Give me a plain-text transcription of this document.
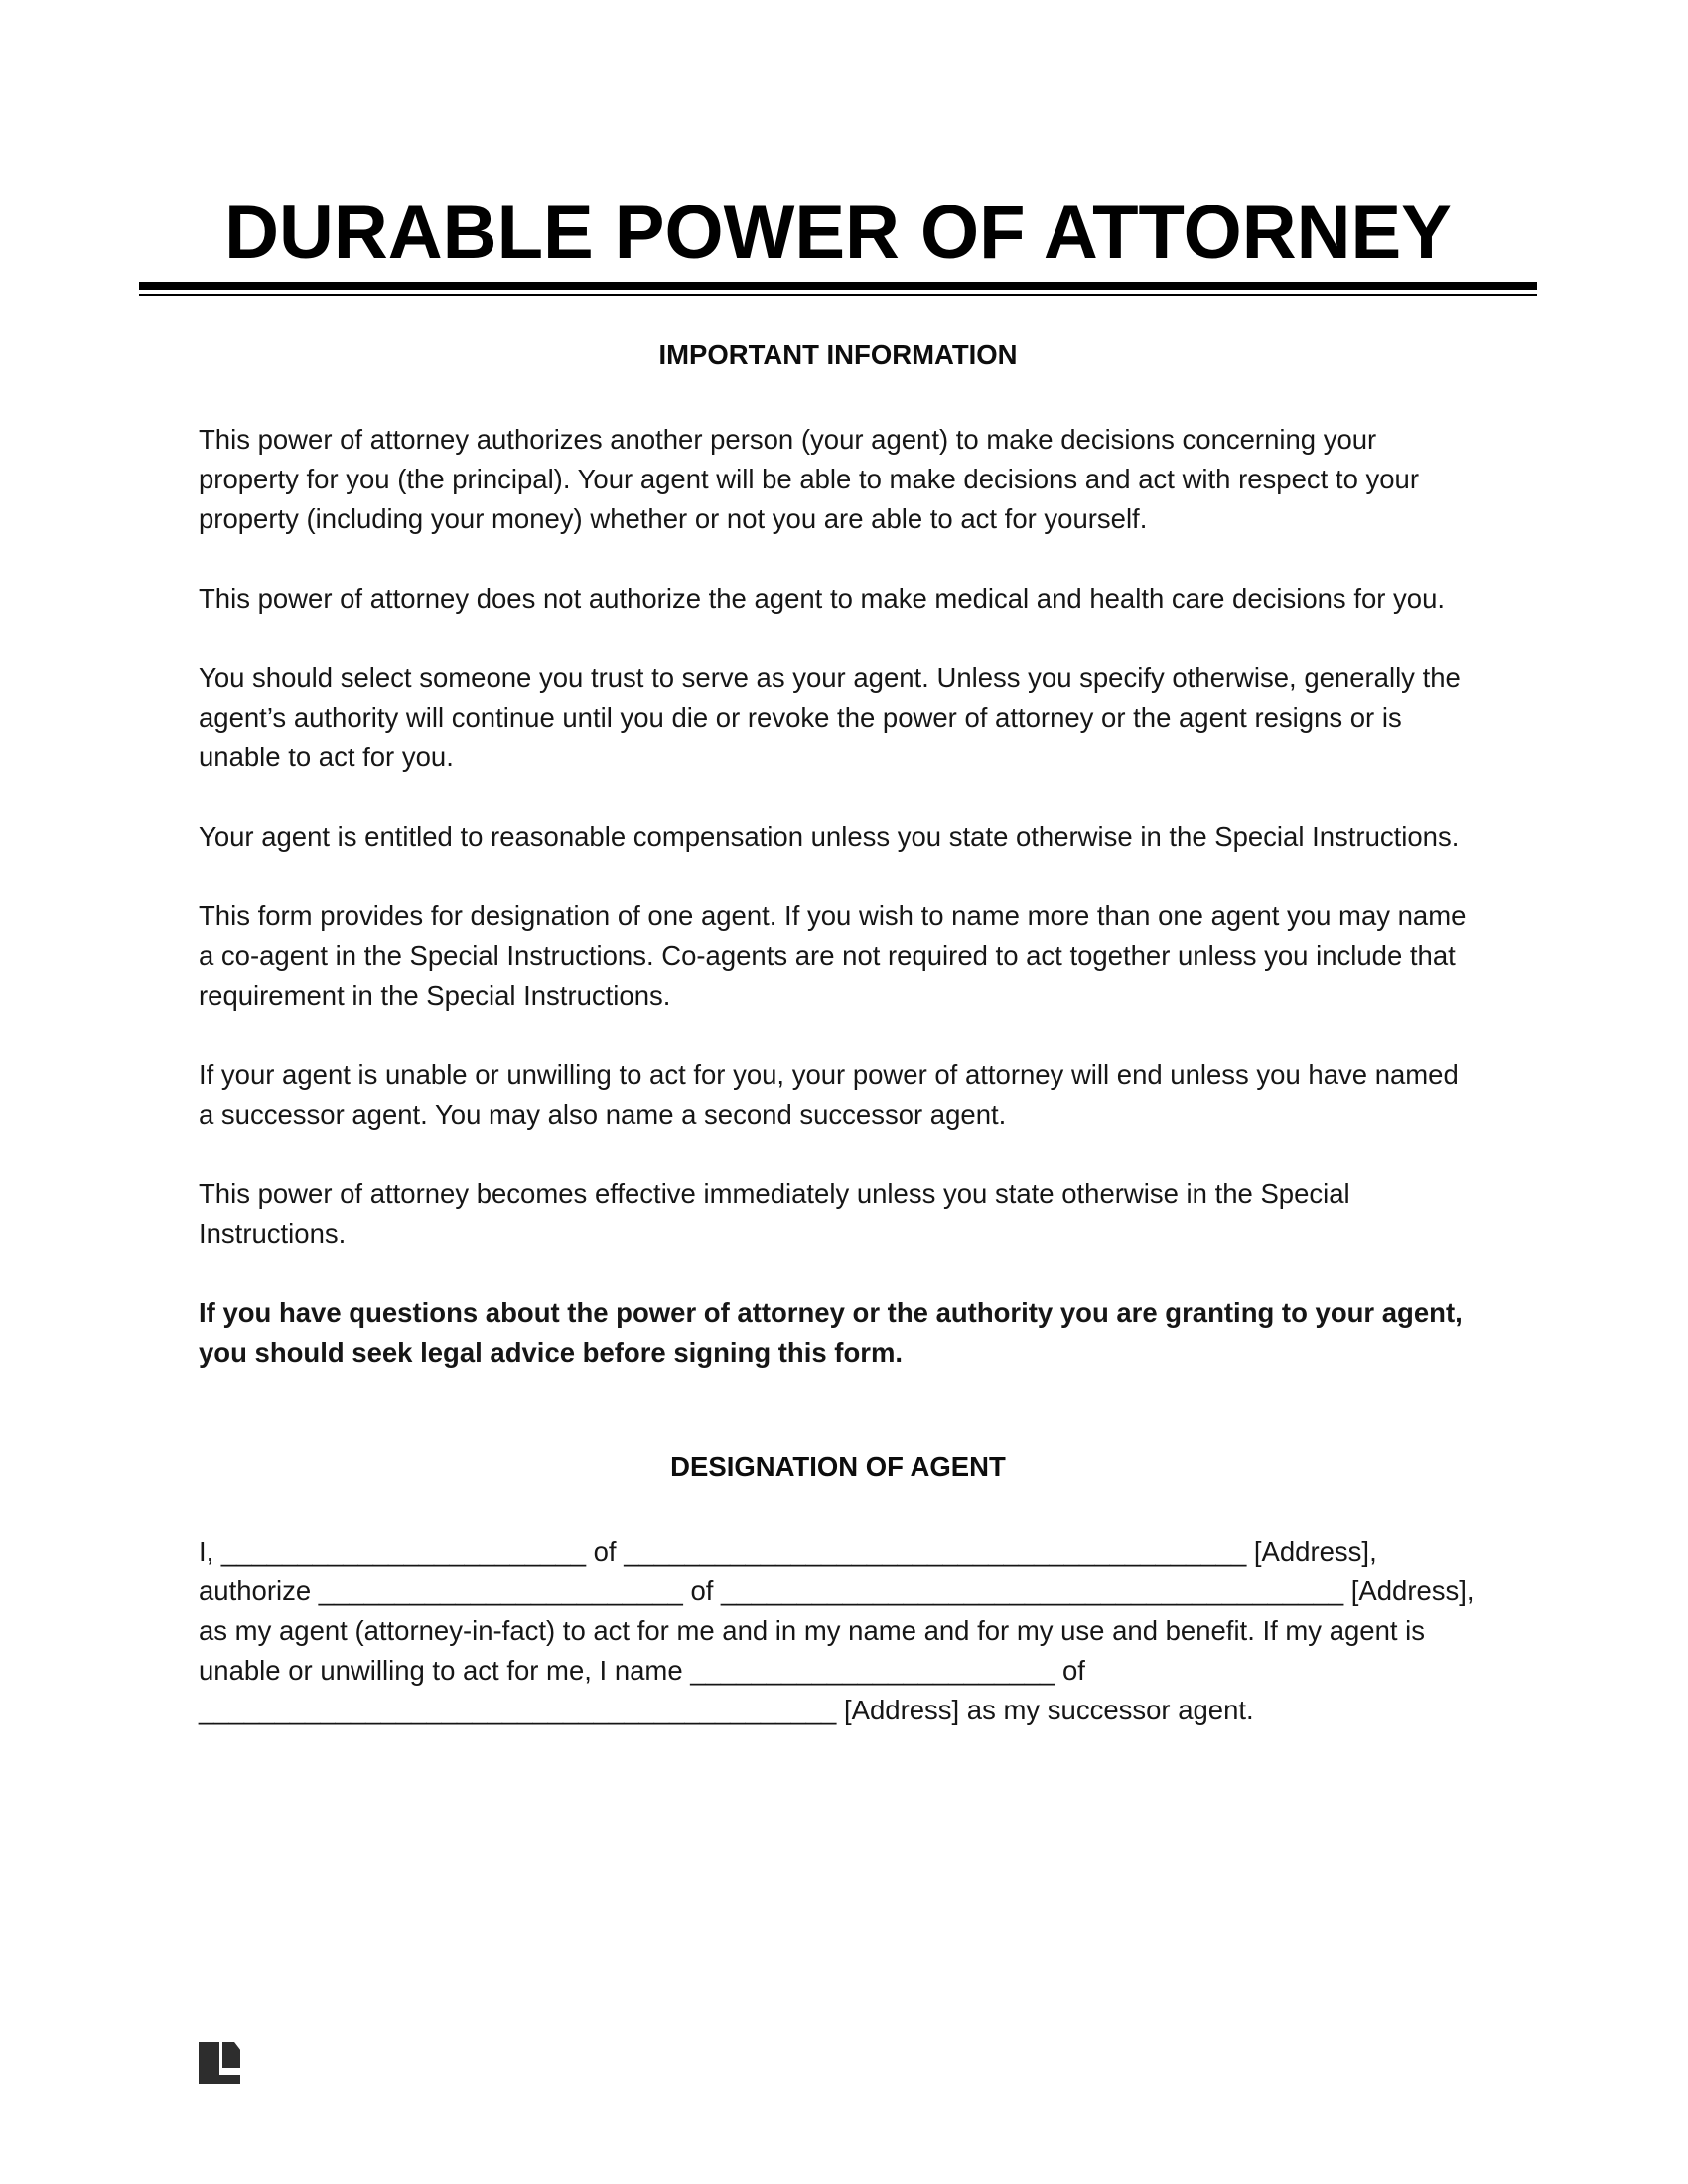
DURABLE POWER OF ATTORNEY
IMPORTANT INFORMATION

This power of attorney authorizes another person (your agent) to make decisions concerning your property for you (the principal). Your agent will be able to make decisions and act with respect to your property (including your money) whether or not you are able to act for yourself.

This power of attorney does not authorize the agent to make medical and health care decisions for you.

You should select someone you trust to serve as your agent. Unless you specify otherwise, generally the agent’s authority will continue until you die or revoke the power of attorney or the agent resigns or is unable to act for you.

Your agent is entitled to reasonable compensation unless you state otherwise in the Special Instructions.

This form provides for designation of one agent. If you wish to name more than one agent you may name a co-agent in the Special Instructions. Co-agents are not required to act together unless you include that requirement in the Special Instructions.

If your agent is unable or unwilling to act for you, your power of attorney will end unless you have named a successor agent. You may also name a second successor agent.

This power of attorney becomes effective immediately unless you state otherwise in the Special Instructions.

If you have questions about the power of attorney or the authority you are granting to your agent, you should seek legal advice before signing this form.

DESIGNATION OF AGENT
I, ________________________ of _________________________________________ [Address],
authorize ________________________ of _________________________________________ [Address],
as my agent (attorney-in-fact) to act for me and in my name and for my use and benefit. If my agent is
unable or unwilling to act for me, I name ________________________ of
__________________________________________ [Address] as my successor agent.
